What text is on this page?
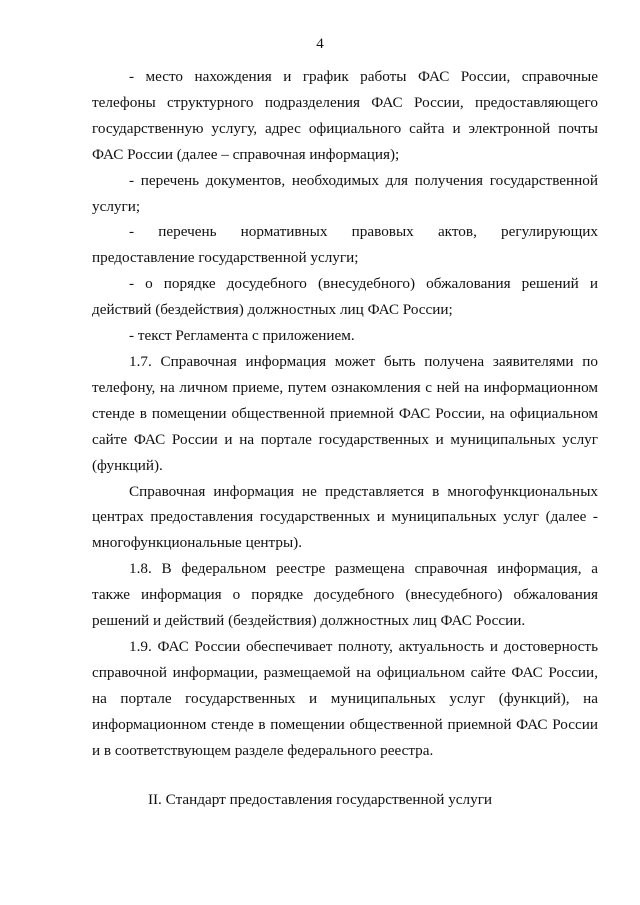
4

- место нахождения и график работы ФАС России, справочные телефоны структурного подразделения ФАС России, предоставляющего государственную услугу, адрес официального сайта и электронной почты ФАС России (далее – справочная информация);

- перечень документов, необходимых для получения государственной услуги;

- перечень нормативных правовых актов, регулирующих предоставление государственной услуги;

- о порядке досудебного (внесудебного) обжалования решений и действий (бездействия) должностных лиц ФАС России;

- текст Регламента с приложением.

1.7. Справочная информация может быть получена заявителями по телефону, на личном приеме, путем ознакомления с ней на информационном стенде в помещении общественной приемной ФАС России, на официальном сайте ФАС России и на портале государственных и муниципальных услуг (функций).

Справочная информация не представляется в многофункциональных центрах предоставления государственных и муниципальных услуг (далее - многофункциональные центры).

1.8. В федеральном реестре размещена справочная информация, а также информация о порядке досудебного (внесудебного) обжалования решений и действий (бездействия) должностных лиц ФАС России.

1.9. ФАС России обеспечивает полноту, актуальность и достоверность справочной информации, размещаемой на официальном сайте ФАС России, на портале государственных и муниципальных услуг (функций), на информационном стенде в помещении общественной приемной ФАС России и в соответствующем разделе федерального реестра.

II. Стандарт предоставления государственной услуги
